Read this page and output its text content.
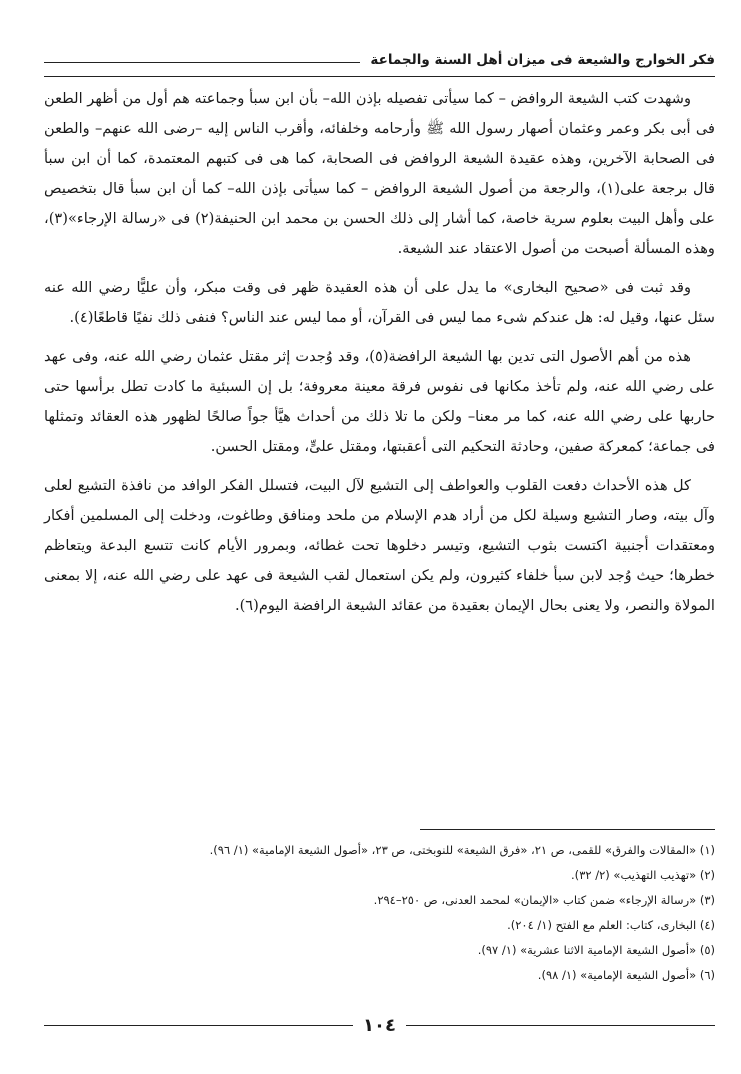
فكر الخوارج والشيعة فى ميزان أهل السنة والجماعة

وشهدت كتب الشيعة الروافض – كما سيأتى تفصيله بإذن الله– بأن ابن سبأ وجماعته هم أول من أظهر الطعن فى أبى بكر وعمر وعثمان أصهار رسول الله ﷺ وأرحامه وخلفائه، وأقرب الناس إليه –رضى الله عنهم– والطعن فى الصحابة الآخرين، وهذه عقيدة الشيعة الروافض فى الصحابة، كما هى فى كتبهم المعتمدة، كما أن ابن سبأ قال برجعة على(١)، والرجعة من أصول الشيعة الروافض – كما سيأتى بإذن الله– كما أن ابن سبأ قال بتخصيص على وأهل البيت بعلوم سرية خاصة، كما أشار إلى ذلك الحسن بن محمد ابن الحنيفة(٢) فى «رسالة الإرجاء»(٣)، وهذه المسألة أصبحت من أصول الاعتقاد عند الشيعة.

وقد ثبت فى «صحيح البخارى» ما يدل على أن هذه العقيدة ظهر فى وقت مبكر، وأن عليًّا رضي الله عنه سئل عنها، وقيل له: هل عندكم شىء مما ليس فى القرآن، أو مما ليس عند الناس؟ فنفى ذلك نفيًا قاطعًا(٤).

هذه من أهم الأصول التى تدين بها الشيعة الرافضة(٥)، وقد وُجدت إثر مقتل عثمان رضي الله عنه، وفى عهد على رضي الله عنه، ولم تأخذ مكانها فى نفوس فرقة معينة معروفة؛ بل إن السبئية ما كادت تطل برأسها حتى حاربها على رضي الله عنه، كما مر معنا– ولكن ما تلا ذلك من أحداث هيَّأ جواً صالحًا لظهور هذه العقائد وتمثلها فى جماعة؛ كمعركة صفين، وحادثة التحكيم التى أعقبتها، ومقتل علىٍّ، ومقتل الحسن.

كل هذه الأحداث دفعت القلوب والعواطف إلى التشيع لآل البيت، فتسلل الفكر الوافد من نافذة التشيع لعلى وآل بيته، وصار التشيع وسيلة لكل من أراد هدم الإسلام من ملحد ومنافق وطاغوت، ودخلت إلى المسلمين أفكار ومعتقدات أجنبية اكتست بثوب التشيع، وتيسر دخلوها تحت غطائه، وبمرور الأيام كانت تتسع البدعة ويتعاظم خطرها؛ حيث وُجد لابن سبأ خلفاء كثيرون، ولم يكن استعمال لقب الشيعة فى عهد على رضي الله عنه، إلا بمعنى المولاة والنصر، ولا يعنى بحال الإيمان بعقيدة من عقائد الشيعة الرافضة اليوم(٦).

(١) «المقالات والفرق» للقمى، ص ٢١، «فرق الشيعة» للنوبختى، ص ٢٣، «أصول الشيعة الإمامية» (١/ ٩٦).
(٢) «تهذيب التهذيب» (٢/ ٣٢).
(٣) «رسالة الإرجاء» ضمن كتاب «الإيمان» لمحمد العدنى، ص ٢٥٠–٢٩٤.
(٤) البخارى، كتاب: العلم مع الفتح (١/ ٢٠٤).
(٥) «أصول الشيعة الإمامية الاثنا عشرية» (١/ ٩٧).
(٦) «أصول الشيعة الإمامية» (١/ ٩٨).
١٠٤
